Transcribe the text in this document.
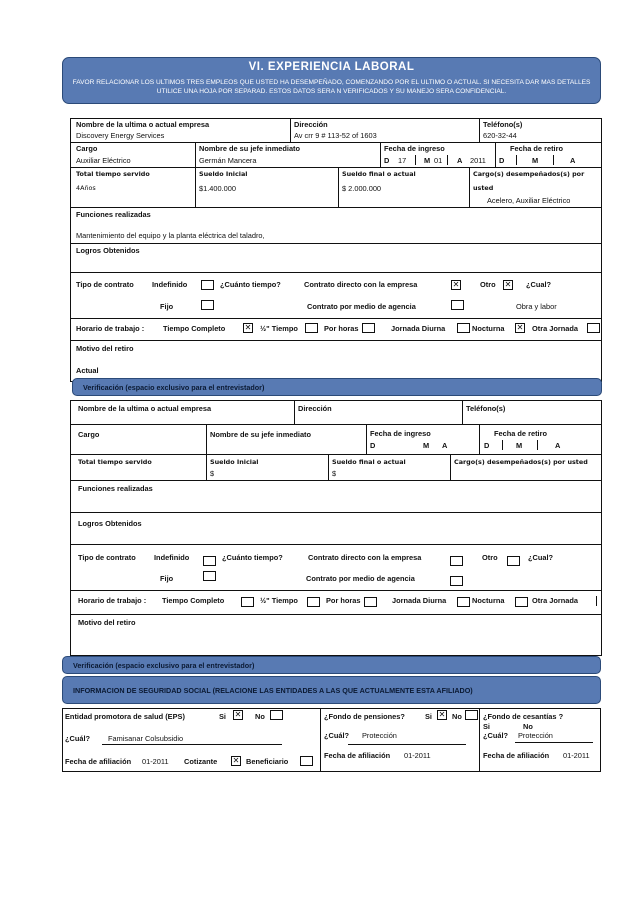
VI. EXPERIENCIA LABORAL
FAVOR RELACIONAR LOS ULTIMOS TRES EMPLEOS QUE USTED HA DESEMPEÑADO, COMENZANDO POR EL ULTIMO O ACTUAL. SI NECESITA DAR MAS DETALLES
UTILICE UNA HOJA POR SEPARAD. ESTOS DATOS SERA N VERIFICADOS Y SU MANEJO SERA CONFIDENCIAL.
Nombre de la ultima o actual empresa
Discovery Energy Services
Dirección
Av crr 9 # 113-52 of 1603
Teléfono(s)
620-32-44
Cargo
Auxiliar Eléctrico
Nombre de su jefe inmediato
Germán Mancera
Fecha de ingreso
D 17 M 01 A 2011
Fecha de retiro
D	M	A
Total tiempo servido
4Años
Sueldo Inicial
$1.400.000
Sueldo final o actual
$ 2.000.000
Cargo(s) desempeñados(s) por
usted
Acelero, Auxiliar Eléctrico
Funciones realizadas
Mantenimiento del equipo y la planta eléctrica del taladro,
Logros Obtenidos
Tipo de contrato Indefinido	¿Cuánto tiempo?	Contrato directo con la empresa	✕	Otro ✕ ¿Cual?
Fijo	Contrato por medio de agencia	Obra y labor
Horario de trabajo :	Tiempo Completo ✕ ½" Tiempo	Por horas	Jornada Diurna	Nocturna ✕ Otra Jornada
Motivo del retiro
Actual
Verificación (espacio exclusivo para el entrevistador)
Nombre de la ultima o actual empresa	Dirección	Teléfono(s)
Cargo	Nombre de su jefe inmediato	Fecha de ingreso
D	M A
Fecha de retiro
D	M	A
Total tiempo servido	Sueldo Inicial
$
Sueldo final o actual
$
Cargo(s) desempeñados(s) por usted
Funciones realizadas
Logros Obtenidos
Tipo de contrato Indefinido	¿Cuánto tiempo?	Contrato directo con la empresa	Otro	¿Cual?
Fijo	Contrato por medio de agencia
Horario de trabajo : Tiempo Completo	½" Tiempo	Por horas	Jornada Diurna	Nocturna	Otra Jornada
Motivo del retiro
Verificación (espacio exclusivo para el entrevistador)
INFORMACION DE SEGURIDAD SOCIAL (RELACIONE LAS ENTIDADES A LAS QUE ACTUALMENTE ESTA AFILIADO)
Entidad promotora de salud (EPS)	Si ✕ No
¿Cuál? Famisanar Colsubsidio
Fecha de afiliación 01-2011 Cotizante ✕ Beneficiario
¿Fondo de pensiones?	Si ✕ No
¿Cuál? Protección
Fecha de afiliación 01-2011
¿Fondo de cesantías ?
Si	No
¿Cuál? Protección
Fecha de afiliación 01-2011
